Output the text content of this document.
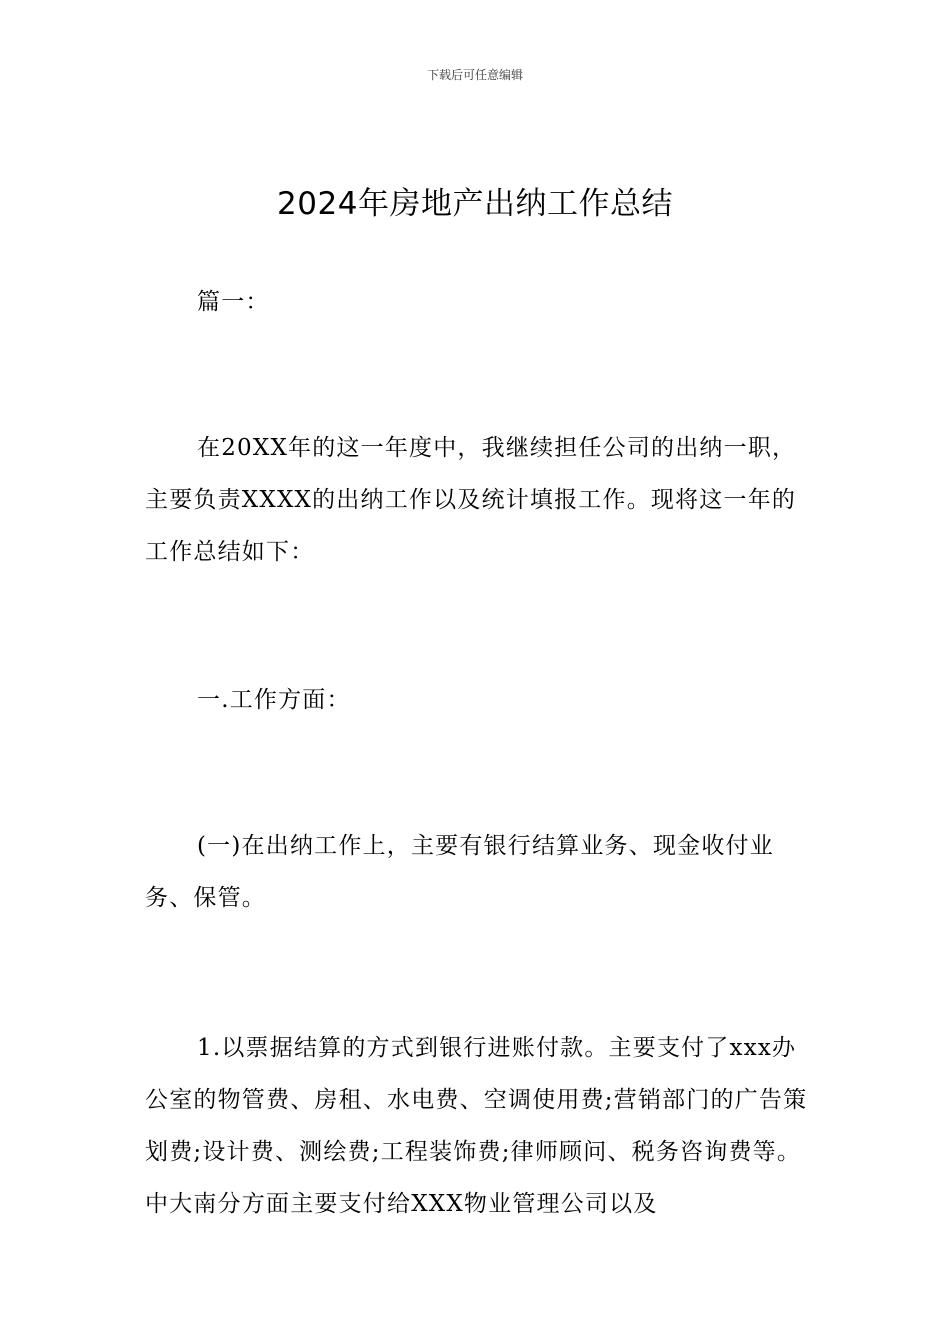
下载后可任意编辑
2024年房地产出纳工作总结

篇一：

在20XX年的这一年度中，我继续担任公司的出纳一职，主要负责XXXX的出纳工作以及统计填报工作。现将这一年的工作总结如下：

一.工作方面：

(一)在出纳工作上，主要有银行结算业务、现金收付业务、保管。

1.以票据结算的方式到银行进账付款。主要支付了xxx办公室的物管费、房租、水电费、空调使用费;营销部门的广告策划费;设计费、测绘费;工程装饰费;律师顾问、税务咨询费等。中大南分方面主要支付给XXX物业管理公司以及
